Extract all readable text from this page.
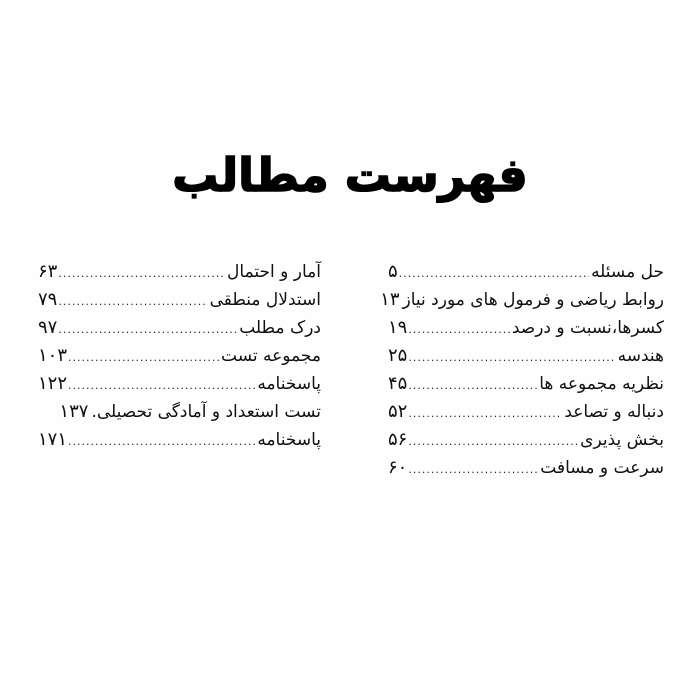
فهرست مطالب
حل مسئله
.....
۵
روابط ریاضی و فرمول های مورد نیاز
۱۳
کسرها،نسبت و درصد
.....
۱۹
هندسه
.....
۲۵
نظریه مجموعه ها
.....
۴۵
دنباله و تصاعد
.....
۵۲
بخش پذیری
.....
۵۶
سرعت و مسافت
.....
۶۰
آمار و احتمال
.....
۶۳
استدلال منطقی
.....
۷۹
درک مطلب
.....
۹۷
مجموعه تست
.....
۱۰۳
پاسخنامه
.....
۱۲۲
تست استعداد و آمادگی تحصیلی.
۱۳۷
پاسخنامه
.....
۱۷۱
